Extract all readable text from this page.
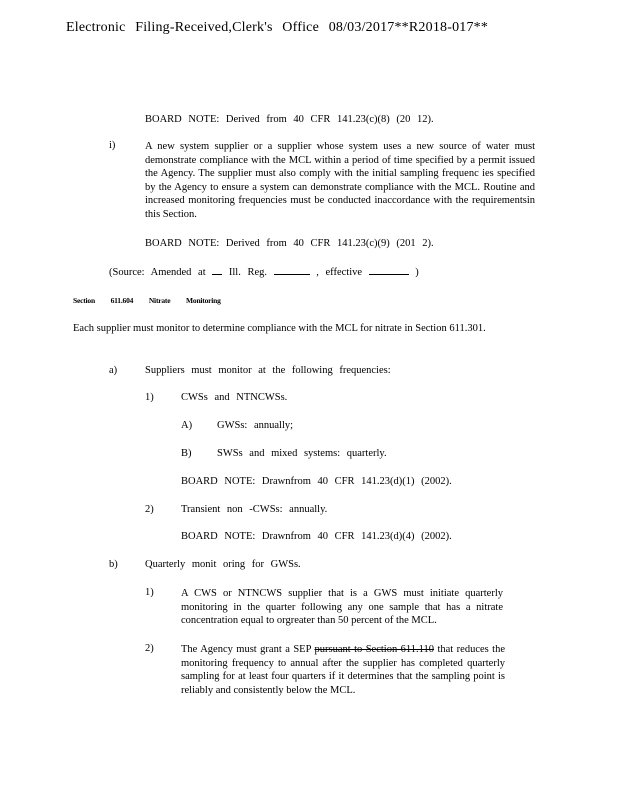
Electronic Filing-Received,Clerk's Office 08/03/2017**R2018-017**
BOARD NOTE: Derived from 40 CFR 141.23(c)(8) (20 12).
i)	A new system supplier or a supplier whose system uses a new source of water must demonstrate compliance with the MCL within a period of time specified by a permit issued the Agency. The supplier must also comply with the initial sampling frequenc ies specified by the Agency to ensure a system can demonstrate compliance with the MCL. Routine and increased monitoring frequencies must be conducted inaccordance with the requirementsin this Section.
BOARD NOTE: Derived from 40 CFR 141.23(c)(9) (201 2).
(Source: Amended at Ill. Reg.	, effective	)
Section 611.604 Nitrate Monitoring
Each supplier must monitor to determine compliance with the MCL for nitrate in Section 611.301.
a)	Suppliers must monitor at the following frequencies:
1)	CWSs and NTNCWSs.
A) GWSs: annually;
B) SWSs and mixed systems: quarterly.
BOARD NOTE: Drawnfrom 40 CFR 141.23(d)(1) (2002).
2)	Transient non -CWSs: annually.
BOARD NOTE: Drawnfrom 40 CFR 141.23(d)(4) (2002).
b)	Quarterly monit oring for GWSs.
1)	A CWS or NTNCWS supplier that is a GWS must initiate quarterly monitoring in the quarter following any one sample that has a nitrate concentration equal to orgreater than 50 percent of the MCL.
2)	The Agency must grant a SEP pursuant to Section 611.110 that reduces the monitoring frequency to annual after the supplier has completed quarterly sampling for at least four quarters if it determines that the sampling point is reliably and consistently below the MCL.
